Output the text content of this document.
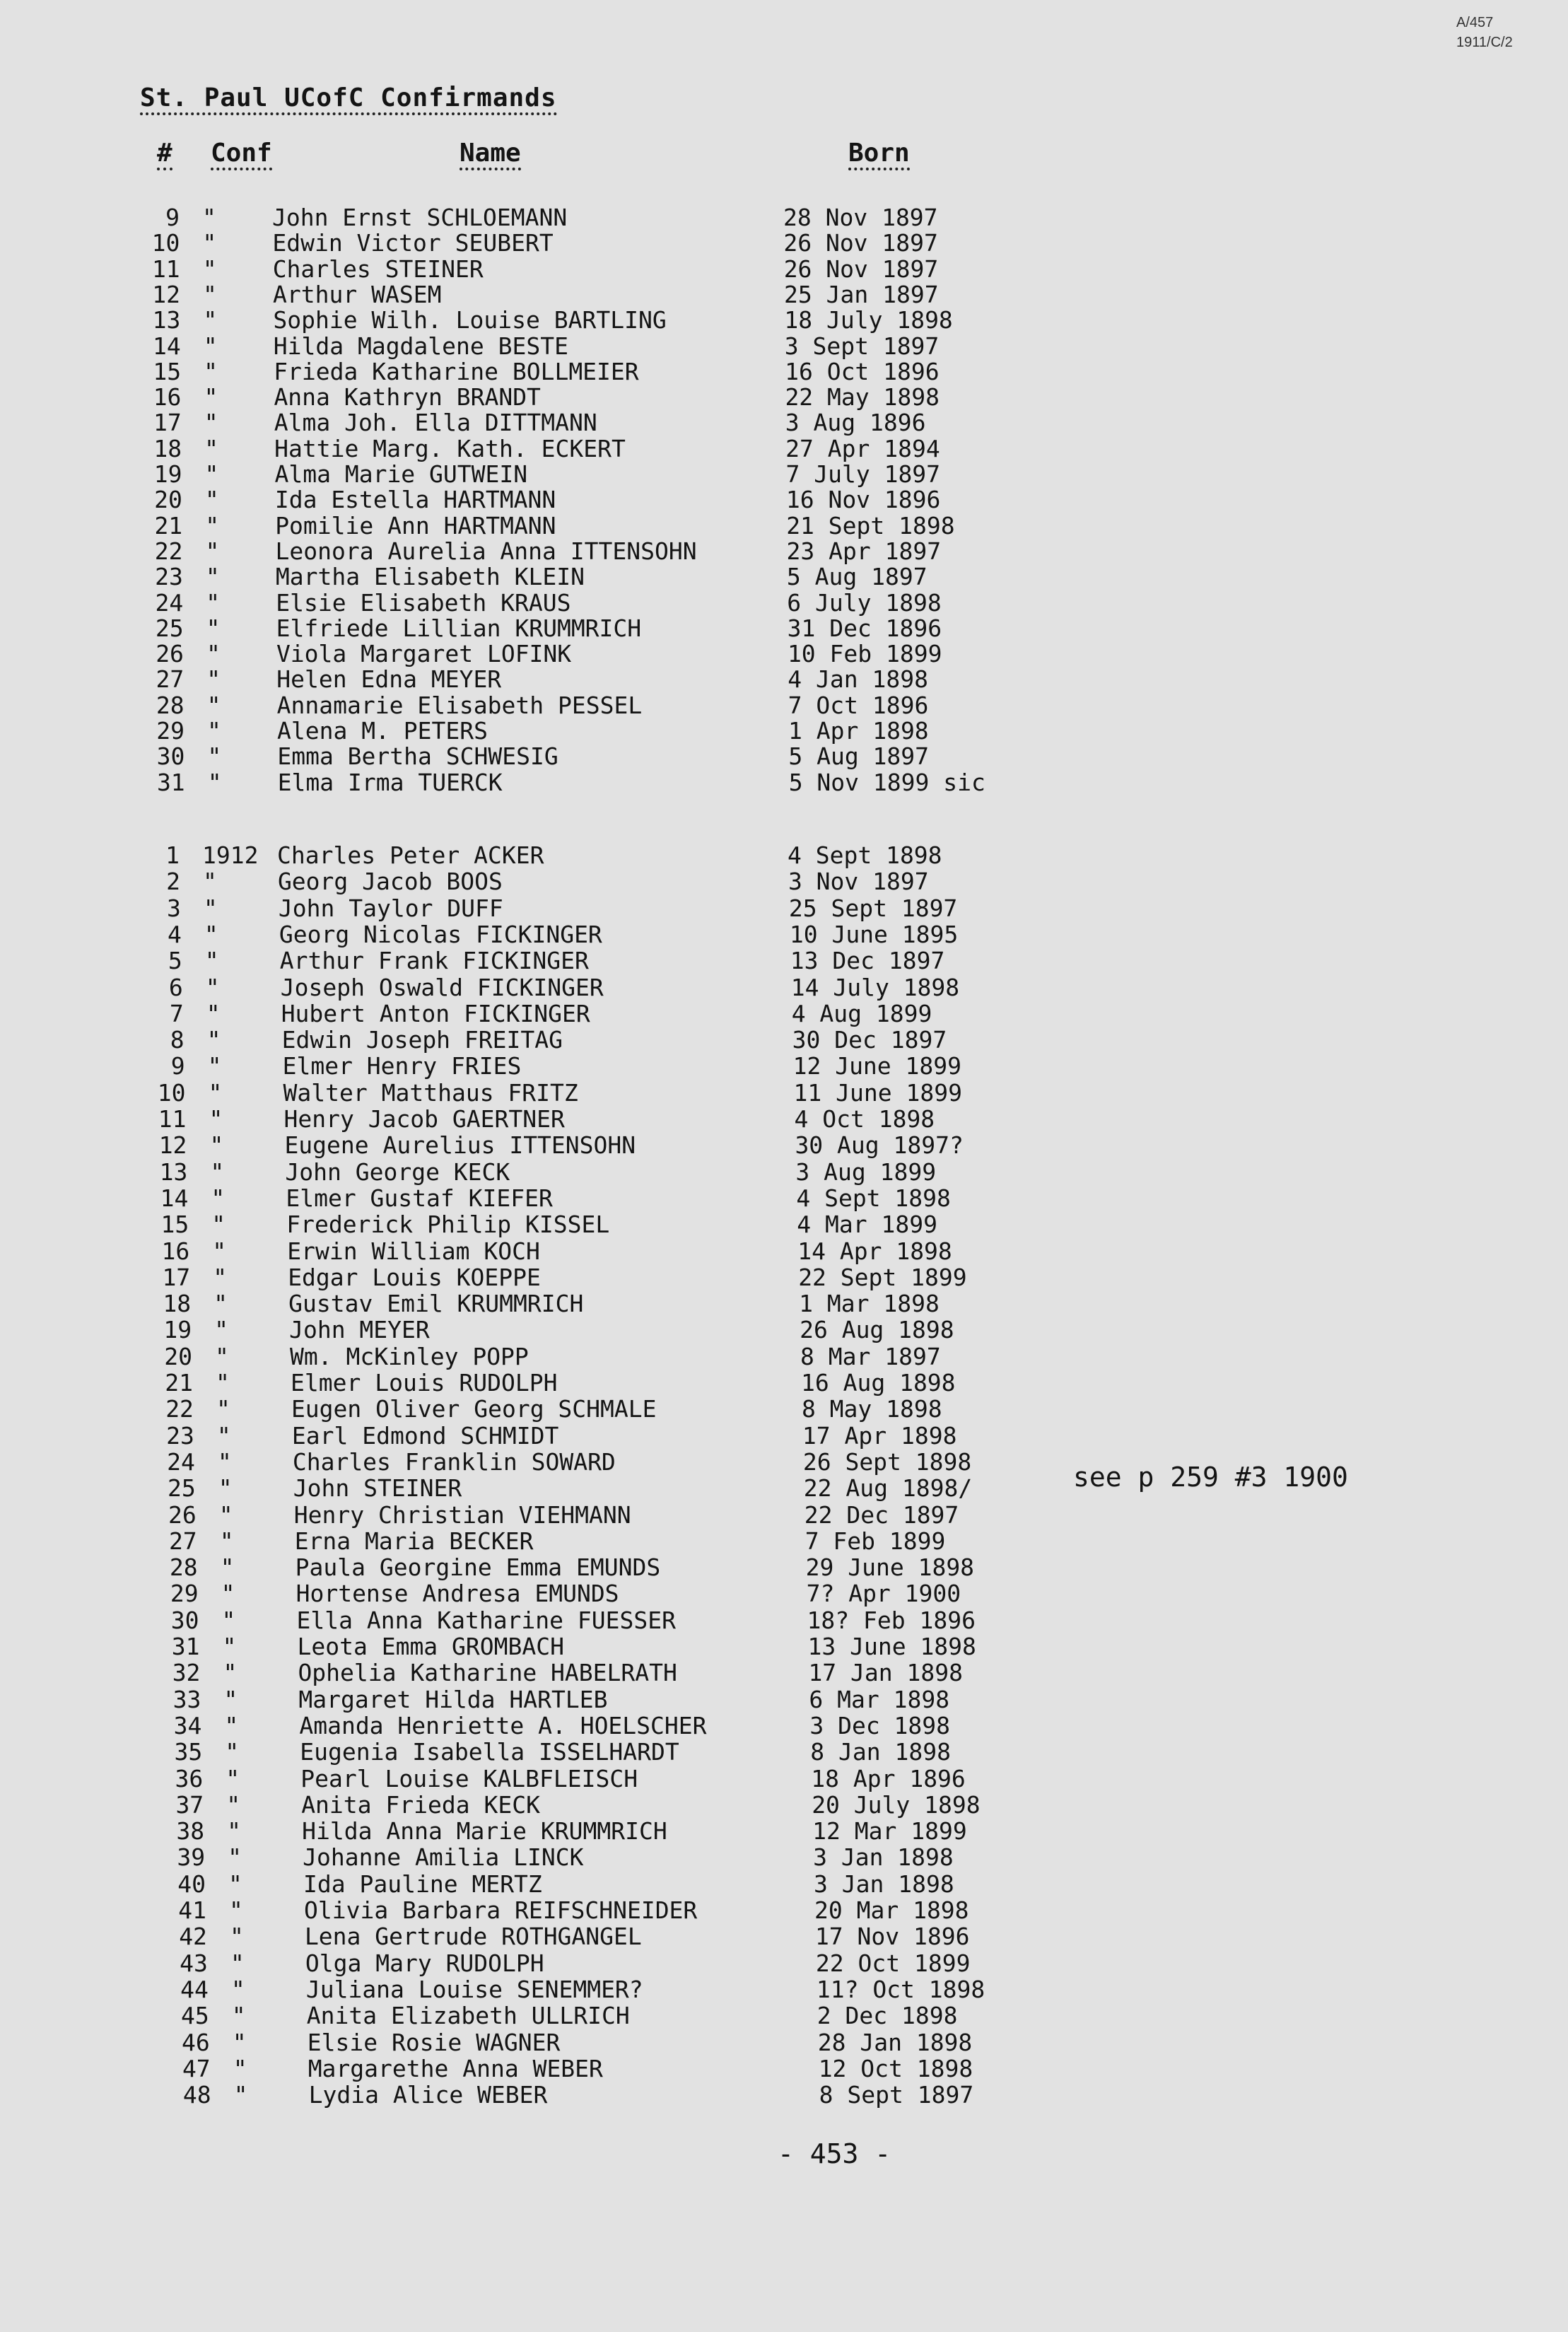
A/457
1911/C/2
St. Paul UCofC Confirmands
# Conf	Name	Born
9 " John Ernst SCHLOEMANN	28 Nov 1897
10 " Edwin Victor SEUBERT	26 Nov 1897
11 " Charles STEINER	26 Nov 1897
12 " Arthur WASEM	25 Jan 1897
13 " Sophie Wilh. Louise BARTLING	18 July 1898
14 " Hilda Magdalene BESTE	3 Sept 1897
15 " Frieda Katharine BOLLMEIER	16 Oct 1896
16 " Anna Kathryn BRANDT	22 May 1898
17 " Alma Joh. Ella DITTMANN	3 Aug 1896
18 " Hattie Marg. Kath. ECKERT	27 Apr 1894
19 " Alma Marie GUTWEIN	7 July 1897
20 " Ida Estella HARTMANN	16 Nov 1896
21 " Pomilie Ann HARTMANN	21 Sept 1898
22 " Leonora Aurelia Anna ITTENSOHN	23 Apr 1897
23 " Martha Elisabeth KLEIN	5 Aug 1897
24 " Elsie Elisabeth KRAUS	6 July 1898
25 " Elfriede Lillian KRUMMRICH	31 Dec 1896
26 " Viola Margaret LOFINK	10 Feb 1899
27 " Helen Edna MEYER	4 Jan 1898
28 " Annamarie Elisabeth PESSEL	7 Oct 1896
29 " Alena M. PETERS	1 Apr 1898
30 " Emma Bertha SCHWESIG	5 Aug 1897
31 " Elma Irma TUERCK	5 Nov 1899 sic
1 1912 Charles Peter ACKER	4 Sept 1898
2 "	Georg Jacob BOOS	3 Nov 1897
3 "	John Taylor DUFF	25 Sept 1897
4 "	Georg Nicolas FICKINGER	10 June 1895
5 "	Arthur Frank FICKINGER	13 Dec 1897
6 "	Joseph Oswald FICKINGER	14 July 1898
7 "	Hubert Anton FICKINGER	4 Aug 1899
8 "	Edwin Joseph FREITAG	30 Dec 1897
9 "	Elmer Henry FRIES	12 June 1899
10 "	Walter Matthaus FRITZ	11 June 1899
11 "	Henry Jacob GAERTNER	4 Oct 1898
12 "	Eugene Aurelius ITTENSOHN	30 Aug 1897?
13 "	John George KECK	3 Aug 1899
14 "	Elmer Gustaf KIEFER	4 Sept 1898
15 "	Frederick Philip KISSEL	4 Mar 1899
16 "	Erwin William KOCH	14 Apr 1898
17 "	Edgar Louis KOEPPE	22 Sept 1899
18 "	Gustav Emil KRUMMRICH	1 Mar 1898
19 "	John MEYER	26 Aug 1898
20 "	Wm. McKinley POPP	8 Mar 1897
21 "	Elmer Louis RUDOLPH	16 Aug 1898
22 "	Eugen Oliver Georg SCHMALE	8 May 1898
23 "	Earl Edmond SCHMIDT	17 Apr 1898
24 "	Charles Franklin SOWARD	26 Sept 1898
25 "	John STEINER	22 Aug 1898/
26 "	Henry Christian VIEHMANN	22 Dec 1897
27 "	Erna Maria BECKER	7 Feb 1899
28 "	Paula Georgine Emma EMUNDS	29 June 1898
29 "	Hortense Andresa EMUNDS	7? Apr 1900
30 "	Ella Anna Katharine FUESSER	18? Feb 1896
31 "	Leota Emma GROMBACH	13 June 1898
32 "	Ophelia Katharine HABELRATH	17 Jan 1898
33 "	Margaret Hilda HARTLEB	6 Mar 1898
34 "	Amanda Henriette A. HOELSCHER	3 Dec 1898
35 "	Eugenia Isabella ISSELHARDT	8 Jan 1898
36 "	Pearl Louise KALBFLEISCH	18 Apr 1896
37 "	Anita Frieda KECK	20 July 1898
38 "	Hilda Anna Marie KRUMMRICH	12 Mar 1899
39 "	Johanne Amilia LINCK	3 Jan 1898
40 "	Ida Pauline MERTZ	3 Jan 1898
41 "	Olivia Barbara REIFSCHNEIDER	20 Mar 1898
42 "	Lena Gertrude ROTHGANGEL	17 Nov 1896
43 "	Olga Mary RUDOLPH	22 Oct 1899
44 "	Juliana Louise SENEMMER?	11? Oct 1898
45 "	Anita Elizabeth ULLRICH	2 Dec 1898
46 "	Elsie Rosie WAGNER	28 Jan 1898
47 "	Margarethe Anna WEBER	12 Oct 1898
48 "	Lydia Alice WEBER	8 Sept 1897
see p 259 #3 1900
- 453 -
